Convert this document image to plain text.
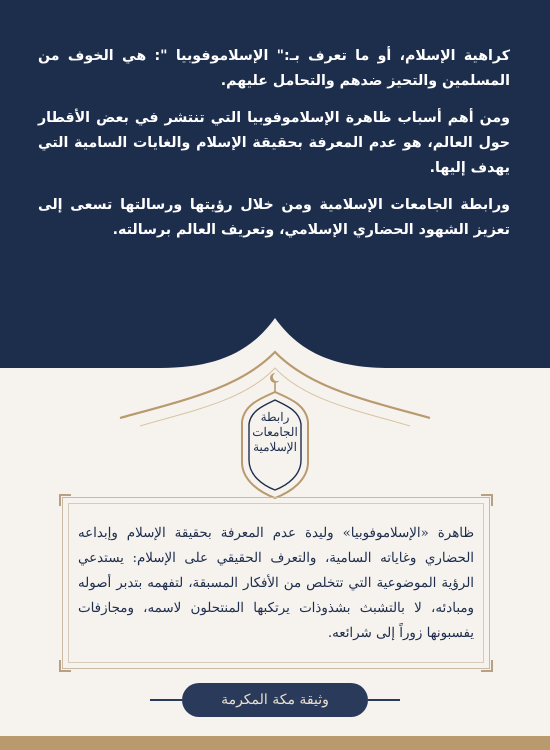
كراهية الإسلام، أو ما تعرف بـ:" الإسلاموفوبيا ": هي الخوف من المسلمين والتحيز ضدهم والتحامل عليهم.

ومن أهم أسباب ظاهرة الإسلاموفوبيا التي تنتشر في بعض الأقطار حول العالم، هو عدم المعرفة بحقيقة الإسلام والغايات السامية التي يهدف إليها.

ورابطة الجامعات الإسلامية ومن خلال رؤيتها ورسالتها تسعى إلى تعزيز الشهود الحضاري الإسلامي، وتعريف العالم برسالته.

رابطة الجامعات الإسلامية
ظاهرة «الإسلاموفوبيا» وليدة عدم المعرفة بحقيقة الإسلام وإبداعه الحضاري وغاياته السامية، والتعرف الحقيقي على الإسلام: يستدعي الرؤية الموضوعية التي تتخلص من الأفكار المسبقة، لتفهمه بتدبر أصوله ومبادئه، لا بالتشبث بشذوذات يرتكبها المنتحلون لاسمه، ومجازفات يفسبونها زوراً إلى شرائعه.
وثيقة مكة المكرمة
